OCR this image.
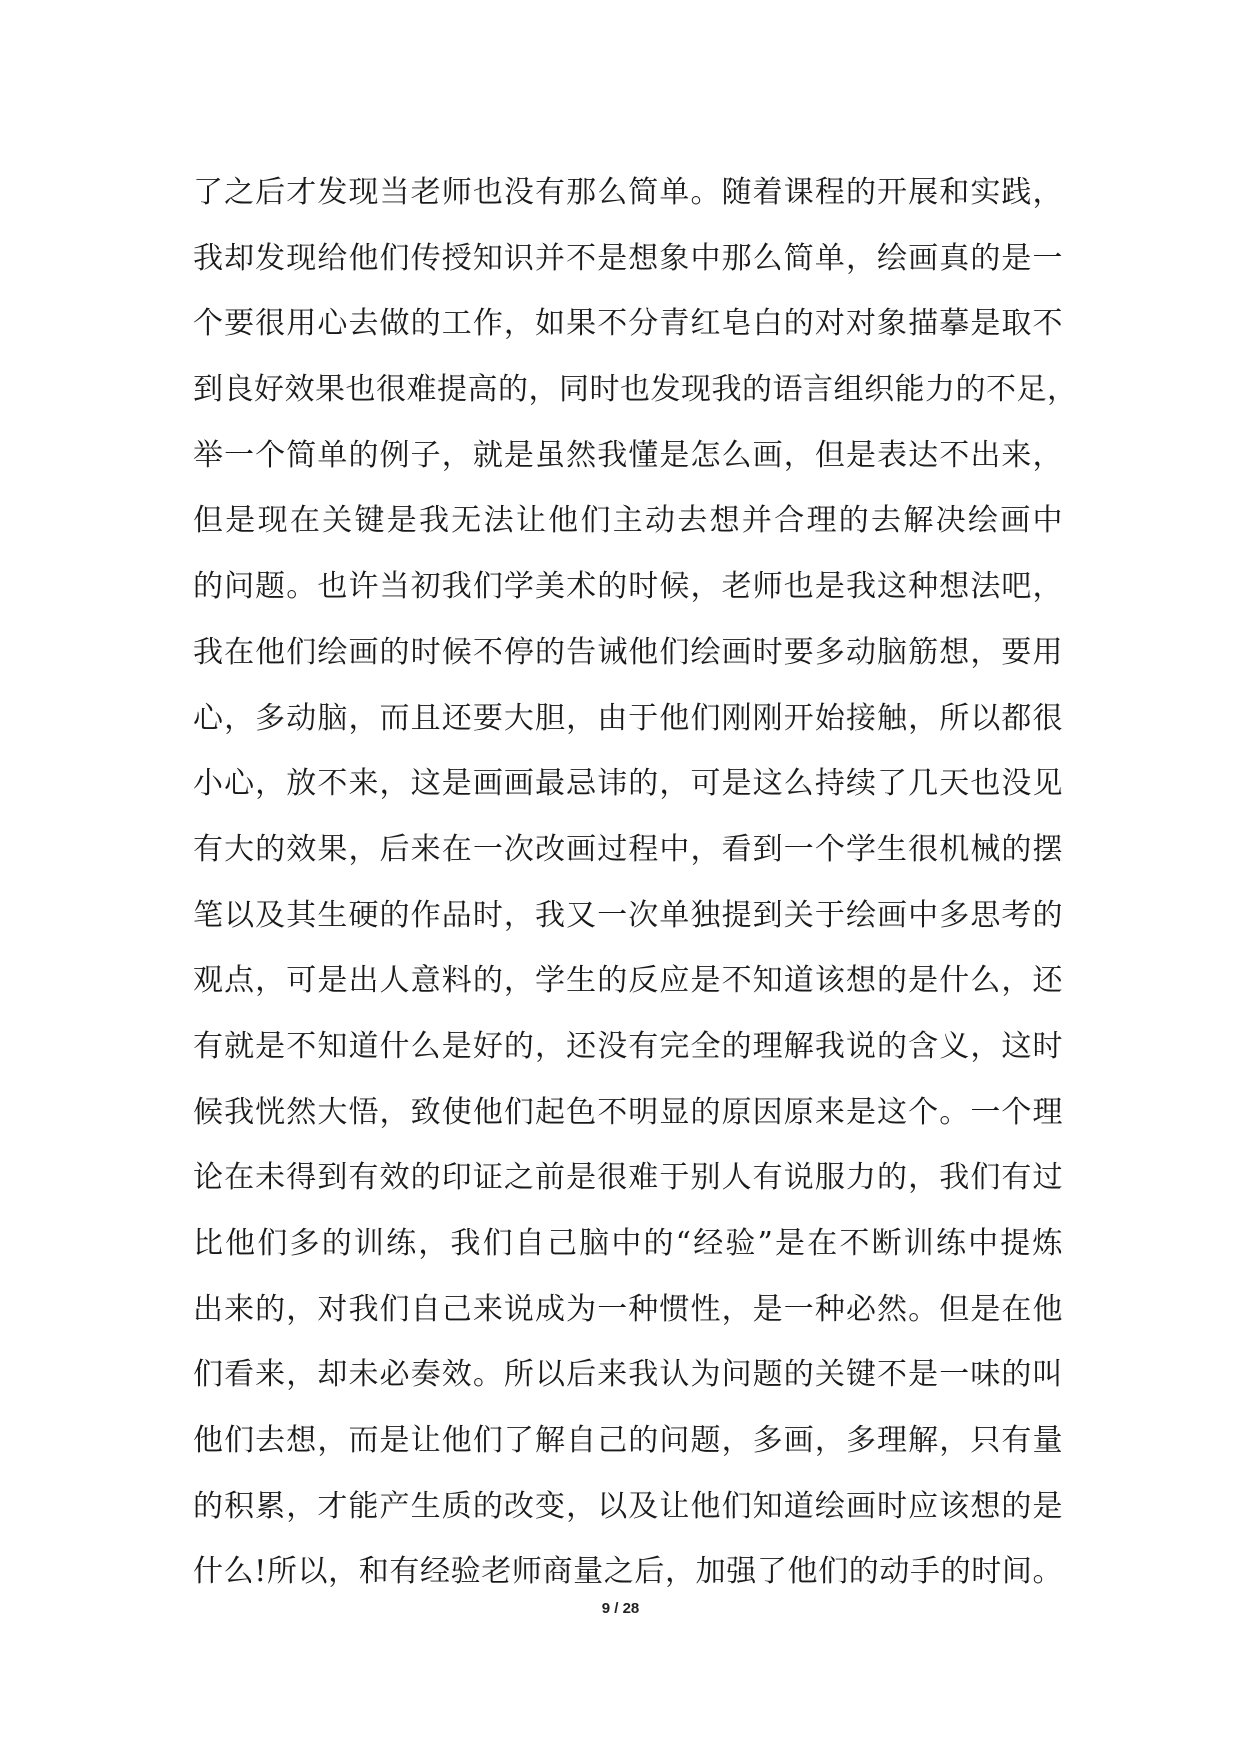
了之后才发现当老师也没有那么简单。随着课程的开展和实践，
我却发现给他们传授知识并不是想象中那么简单，绘画真的是一
个要很用心去做的工作，如果不分青红皂白的对对象描摹是取不
到良好效果也很难提高的，同时也发现我的语言组织能力的不足，
举一个简单的例子，就是虽然我懂是怎么画，但是表达不出来，
但是现在关键是我无法让他们主动去想并合理的去解决绘画中
的问题。也许当初我们学美术的时候，老师也是我这种想法吧，
我在他们绘画的时候不停的告诫他们绘画时要多动脑筋想，要用
心，多动脑，而且还要大胆，由于他们刚刚开始接触，所以都很
小心，放不来，这是画画最忌讳的，可是这么持续了几天也没见
有大的效果，后来在一次改画过程中，看到一个学生很机械的摆
笔以及其生硬的作品时，我又一次单独提到关于绘画中多思考的
观点，可是出人意料的，学生的反应是不知道该想的是什么，还
有就是不知道什么是好的，还没有完全的理解我说的含义，这时
候我恍然大悟，致使他们起色不明显的原因原来是这个。一个理
论在未得到有效的印证之前是很难于别人有说服力的，我们有过
比他们多的训练，我们自己脑中的“经验”是在不断训练中提炼
出来的，对我们自己来说成为一种惯性，是一种必然。但是在他
们看来，却未必奏效。所以后来我认为问题的关键不是一味的叫
他们去想，而是让他们了解自己的问题，多画，多理解，只有量
的积累，才能产生质的改变，以及让他们知道绘画时应该想的是
什么!所以，和有经验老师商量之后，加强了他们的动手的时间。
9 / 28
